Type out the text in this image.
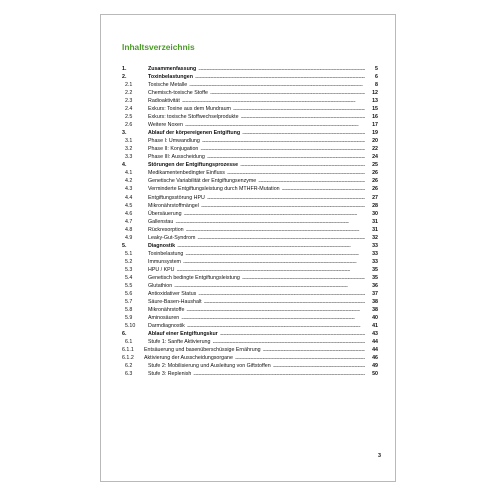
Inhaltsverzeichnis
1.	Zusammenfassung . . .	5
2.	Toxinbelastungen . . .	6
2.1	Toxische Metalle . . .	8
2.2	Chemisch-toxische Stoffe . . .	12
2.3	Radioaktivität . . .	13
2.4	Exkurs: Toxine aus dem Mundraum . . .	15
2.5	Exkurs: toxische Stoffwechselprodukte . . .	16
2.6	Weitere Noxen . . .	17
3.	Ablauf der körpereigenen Entgiftung . . .	19
3.1	Phase I: Umwandlung . . .	20
3.2	Phase II: Konjugation . . .	22
3.3	Phase III: Ausscheidung . . .	24
4.	Störungen der Entgiftungsprozesse . . .	25
4.1	Medikamentenbedingter Einfluss . . .	26
4.2	Genetische Variabilität der Entgiftungsenzyme . . .	26
4.3	Verminderte Entgiftungsleistung durch MTHFR-Mutation . . .	26
4.4	Entgiftungsstörung HPU . . .	27
4.5	Mikronährstoffmängel . . .	28
4.6	Übersäuerung . . .	30
4.7	Gallenstau . . .	31
4.8	Rückresorption . . .	31
4.9	Leaky-Gut-Syndrom . . .	32
5.	Diagnostik . . .	33
5.1	Toxinbelastung . . .	33
5.2	Immunsystem . . .	33
5.3	HPU / KPU . . .	35
5.4	Genetisch bedingte Entgiftungsleistung . . .	35
5.5	Glutathion . . .	36
5.6	Antioxidativer Status . . .	37
5.7	Säure-Basen-Haushalt . . .	38
5.8	Mikronährstoffe . . .	38
5.9	Aminosäuren . . .	40
5.10	Darmdiagnostik . . .	41
6.	Ablauf einer Entgiftungskur . . .	43
6.1	Stufe 1: Sanfte Aktivierung . . .	44
6.1.1	Entsäuerung und basenüberschüssige Ernährung . . .	44
6.1.2	Aktivierung der Ausscheidungsorgane . . .	46
6.2	Stufe 2: Mobilisierung und Ausleitung von Giftstoffen . . .	49
6.3	Stufe 3: Replenish . . .	50
3
